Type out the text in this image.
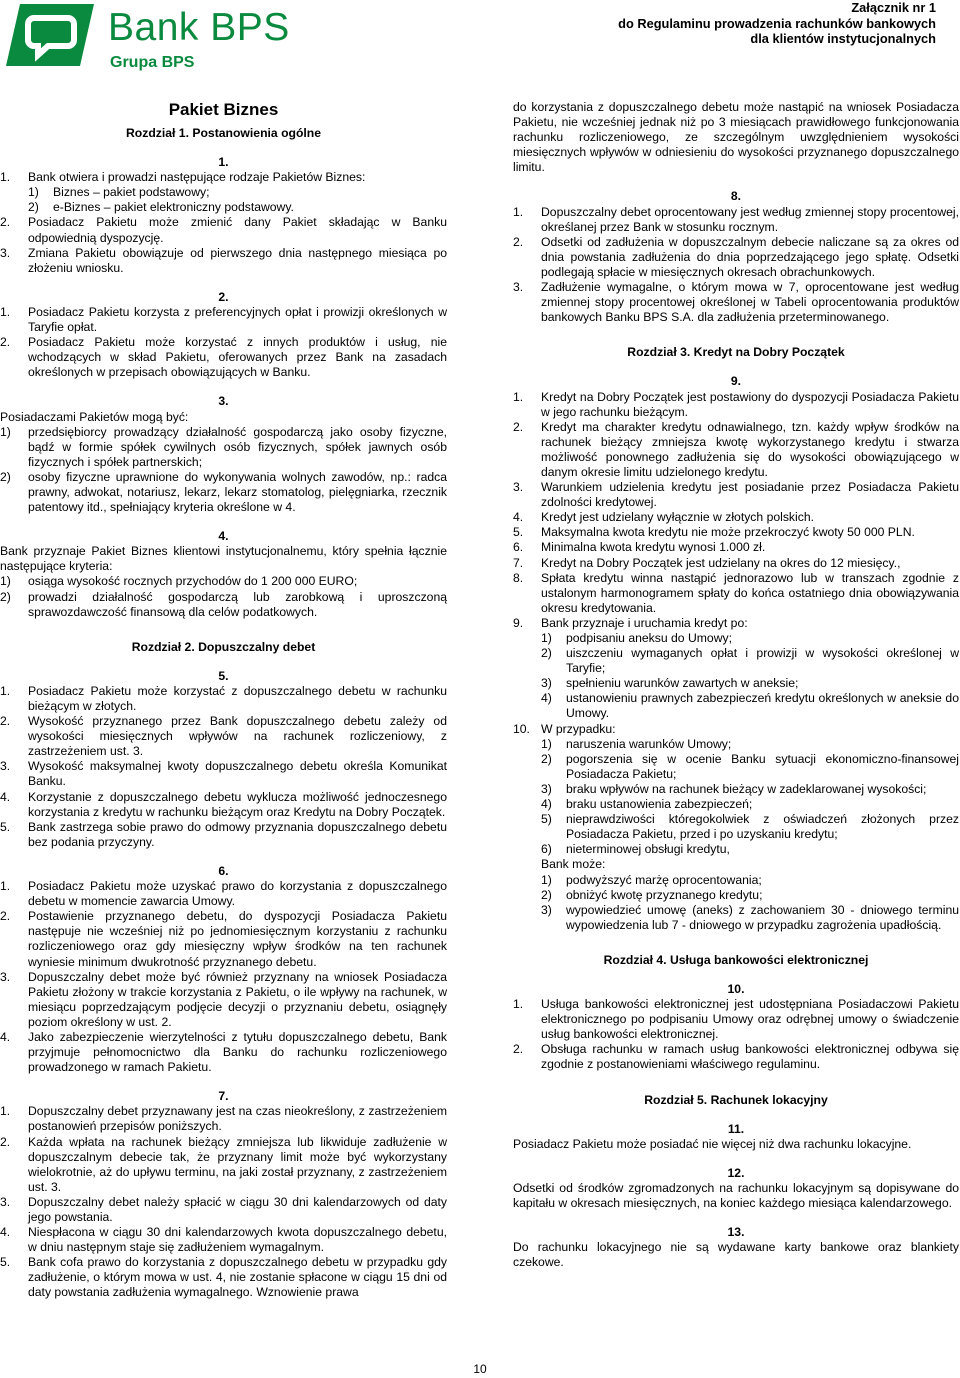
Bank BPS
Grupa BPS
Załącznik nr 1
do Regulaminu prowadzenia rachunków bankowych
dla klientów instytucjonalnych
Pakiet Biznes
Rozdział 1. Postanowienia ogólne
1.
1.	Bank otwiera i prowadzi następujące rodzaje Pakietów Biznes:
1)	Biznes – pakiet podstawowy;
2)	e-Biznes – pakiet elektroniczny podstawowy.
2.	Posiadacz Pakietu może zmienić dany Pakiet składając w Banku odpowiednią dyspozycję.
3.	Zmiana Pakietu obowiązuje od pierwszego dnia następnego miesiąca po złożeniu wniosku.
2.
1.	Posiadacz Pakietu korzysta z preferencyjnych opłat i prowizji określonych w Taryfie opłat.
2.	Posiadacz Pakietu może korzystać z innych produktów i usług, nie wchodzących w skład Pakietu, oferowanych przez Bank na zasadach określonych w przepisach obowiązujących w Banku.
3.
Posiadaczami Pakietów mogą być:
1)	przedsiębiorcy prowadzący działalność gospodarczą jako osoby fizyczne, bądź w formie spółek cywilnych osób fizycznych, spółek jawnych osób fizycznych i spółek partnerskich;
2)	osoby fizyczne uprawnione do wykonywania wolnych zawodów, np.: radca prawny, adwokat, notariusz, lekarz, lekarz stomatolog, pielęgniarka, rzecznik patentowy itd., spełniający kryteria określone w 4.
4.
Bank przyznaje Pakiet Biznes klientowi instytucjonalnemu, który spełnia łącznie następujące kryteria:
1)	osiąga wysokość rocznych przychodów do 1 200 000 EURO;
2)	prowadzi działalność gospodarczą lub zarobkową i uproszczoną sprawozdawczość finansową dla celów podatkowych.
Rozdział 2. Dopuszczalny debet
5.
1.	Posiadacz Pakietu może korzystać z dopuszczalnego debetu w rachunku bieżącym w złotych.
2.	Wysokość przyznanego przez Bank dopuszczalnego debetu zależy od wysokości miesięcznych wpływów na rachunek rozliczeniowy, z zastrzeżeniem ust. 3.
3.	Wysokość maksymalnej kwoty dopuszczalnego debetu określa Komunikat Banku.
4.	Korzystanie z dopuszczalnego debetu wyklucza możliwość jednoczesnego korzystania z kredytu w rachunku bieżącym oraz Kredytu na Dobry Początek.
5.	Bank zastrzega sobie prawo do odmowy przyznania dopuszczalnego debetu bez podania przyczyny.
6.
1.	Posiadacz Pakietu może uzyskać prawo do korzystania z dopuszczalnego debetu w momencie zawarcia Umowy.
2.	Postawienie przyznanego debetu, do dyspozycji Posiadacza Pakietu następuje nie wcześniej niż po jednomiesięcznym korzystaniu z rachunku rozliczeniowego oraz gdy miesięczny wpływ środków na ten rachunek wyniesie minimum dwukrotność przyznanego debetu.
3.	Dopuszczalny debet może być również przyznany na wniosek Posiadacza Pakietu złożony w trakcie korzystania z Pakietu, o ile wpływy na rachunek, w miesiącu poprzedzającym podjęcie decyzji o przyznaniu debetu, osiągnęły poziom określony w ust. 2.
4.	Jako zabezpieczenie wierzytelności z tytułu dopuszczalnego debetu, Bank przyjmuje pełnomocnictwo dla Banku do rachunku rozliczeniowego prowadzonego w ramach Pakietu.
7.
1.	Dopuszczalny debet przyznawany jest na czas nieokreślony, z zastrzeżeniem postanowień przepisów poniższych.
2.	Każda wpłata na rachunek bieżący zmniejsza lub likwiduje zadłużenie w dopuszczalnym debecie tak, że przyznany limit może być wykorzystany wielokrotnie, aż do upływu terminu, na jaki został przyznany, z zastrzeżeniem ust. 3.
3.	Dopuszczalny debet należy spłacić w ciągu 30 dni kalendarzowych od daty jego powstania.
4.	Niespłacona w ciągu 30 dni kalendarzowych kwota dopuszczalnego debetu, w dniu następnym staje się zadłużeniem wymagalnym.
5.	Bank cofa prawo do korzystania z dopuszczalnego debetu w przypadku gdy zadłużenie, o którym mowa w ust. 4, nie zostanie spłacone w ciągu 15 dni od daty powstania zadłużenia wymagalnego. Wznowienie prawa
do korzystania z dopuszczalnego debetu może nastąpić na wniosek Posiadacza Pakietu, nie wcześniej jednak niż po 3 miesiącach prawidłowego funkcjonowania rachunku rozliczeniowego, ze szczególnym uwzględnieniem wysokości miesięcznych wpływów w odniesieniu do wysokości przyznanego dopuszczalnego limitu.
8.
1.	Dopuszczalny debet oprocentowany jest według zmiennej stopy procentowej, określanej przez Bank w stosunku rocznym.
2.	Odsetki od zadłużenia w dopuszczalnym debecie naliczane są za okres od dnia powstania zadłużenia do dnia poprzedzającego jego spłatę. Odsetki podlegają spłacie w miesięcznych okresach obrachunkowych.
3.	Zadłużenie wymagalne, o którym mowa w 7, oprocentowane jest według zmiennej stopy procentowej określonej w Tabeli oprocentowania produktów bankowych Banku BPS S.A. dla zadłużenia przeterminowanego.
Rozdział 3. Kredyt na Dobry Początek
9.
1.	Kredyt na Dobry Początek jest postawiony do dyspozycji Posiadacza Pakietu w jego rachunku bieżącym.
2.	Kredyt ma charakter kredytu odnawialnego, tzn. każdy wpływ środków na rachunek bieżący zmniejsza kwotę wykorzystanego kredytu i stwarza możliwość ponownego zadłużenia się do wysokości obowiązującego w danym okresie limitu udzielonego kredytu.
3.	Warunkiem udzielenia kredytu jest posiadanie przez Posiadacza Pakietu zdolności kredytowej.
4.	Kredyt jest udzielany wyłącznie w złotych polskich.
5.	Maksymalna kwota kredytu nie może przekroczyć kwoty 50 000 PLN.
6.	Minimalna kwota kredytu wynosi 1.000 zł.
7.	Kredyt na Dobry Początek jest udzielany na okres do 12 miesięcy.,
8.	Spłata kredytu winna nastąpić jednorazowo lub w transzach zgodnie z ustalonym harmonogramem spłaty do końca ostatniego dnia obowiązywania okresu kredytowania.
9.	Bank przyznaje i uruchamia kredyt po:
1)	podpisaniu aneksu do Umowy;
2)	uiszczeniu wymaganych opłat i prowizji w wysokości określonej w Taryfie;
3)	spełnieniu warunków zawartych w aneksie;
4)	ustanowieniu prawnych zabezpieczeń kredytu określonych w aneksie do Umowy.
10. W przypadku:
1)	naruszenia warunków Umowy;
2)	pogorszenia się w ocenie Banku sytuacji ekonomiczno-finansowej Posiadacza Pakietu;
3)	braku wpływów na rachunek bieżący w zadeklarowanej wysokości;
4)	braku ustanowienia zabezpieczeń;
5)	nieprawdziwości któregokolwiek z oświadczeń złożonych przez Posiadacza Pakietu, przed i po uzyskaniu kredytu;
6)	nieterminowej obsługi kredytu,
Bank może:
1)	podwyższyć marżę oprocentowania;
2)	obniżyć kwotę przyznanego kredytu;
3)	wypowiedzieć umowę (aneks) z zachowaniem 30 - dniowego terminu wypowiedzenia lub 7 - dniowego w przypadku zagrożenia upadłością.
Rozdział 4. Usługa bankowości elektronicznej
10.
1.	Usługa bankowości elektronicznej jest udostępniana Posiadaczowi Pakietu elektronicznego po podpisaniu Umowy oraz odrębnej umowy o świadczenie usług bankowości elektronicznej.
2.	Obsługa rachunku w ramach usług bankowości elektronicznej odbywa się zgodnie z postanowieniami właściwego regulaminu.
Rozdział 5. Rachunek lokacyjny
11.
Posiadacz Pakietu może posiadać nie więcej niż dwa rachunku lokacyjne.
12.
Odsetki od środków zgromadzonych na rachunku lokacyjnym są dopisywane do kapitału w okresach miesięcznych, na koniec każdego miesiąca kalendarzowego.
13.
Do rachunku lokacyjnego nie są wydawane karty bankowe oraz blankiety czekowe.
10
